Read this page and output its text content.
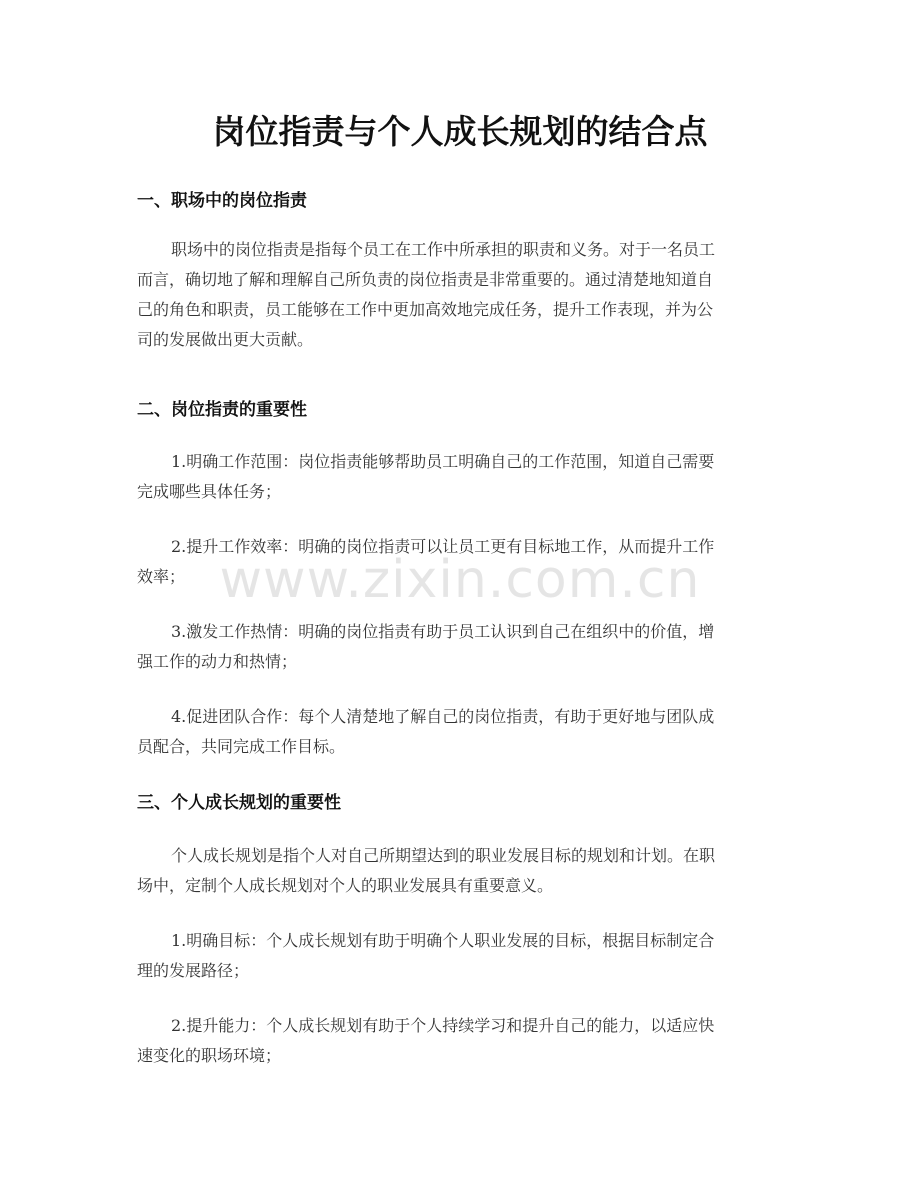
岗位指责与个人成长规划的结合点
一、职场中的岗位指责

职场中的岗位指责是指每个员工在工作中所承担的职责和义务。对于一名员工
而言，确切地了解和理解自己所负责的岗位指责是非常重要的。通过清楚地知道自
己的角色和职责，员工能够在工作中更加高效地完成任务，提升工作表现，并为公
司的发展做出更大贡献。

二、岗位指责的重要性

1.明确工作范围：岗位指责能够帮助员工明确自己的工作范围，知道自己需要
完成哪些具体任务；

2.提升工作效率：明确的岗位指责可以让员工更有目标地工作，从而提升工作
效率；

3.激发工作热情：明确的岗位指责有助于员工认识到自己在组织中的价值，增
强工作的动力和热情；

4.促进团队合作：每个人清楚地了解自己的岗位指责，有助于更好地与团队成
员配合，共同完成工作目标。

三、个人成长规划的重要性

个人成长规划是指个人对自己所期望达到的职业发展目标的规划和计划。在职
场中，定制个人成长规划对个人的职业发展具有重要意义。

1.明确目标：个人成长规划有助于明确个人职业发展的目标，根据目标制定合
理的发展路径；

2.提升能力：个人成长规划有助于个人持续学习和提升自己的能力，以适应快
速变化的职场环境；

www.zixin.com.cn
